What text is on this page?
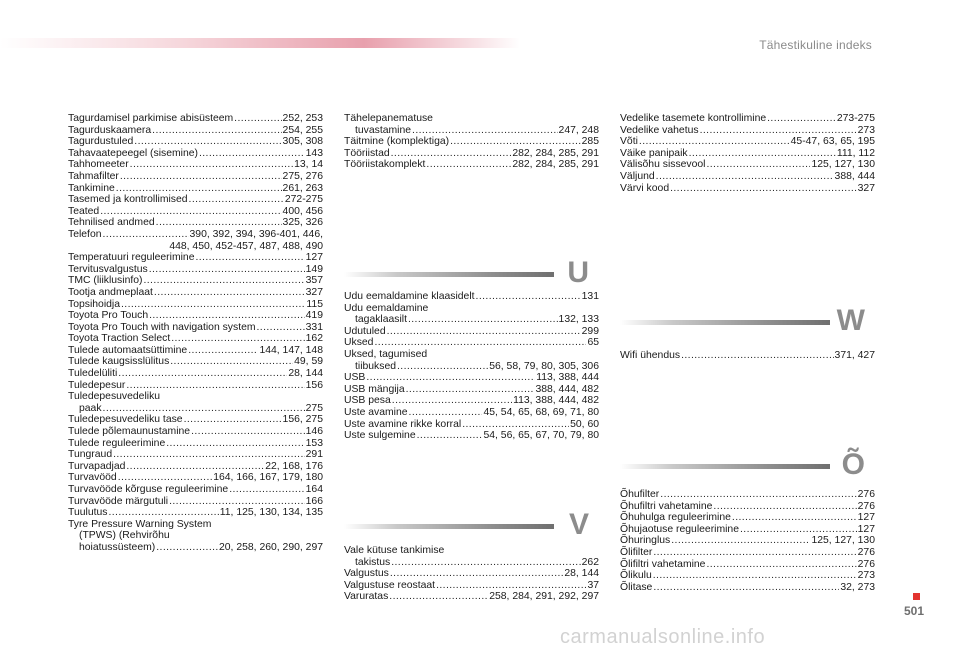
Tähestikuline indeks
Tagurdamisel parkimise abisüsteem .....	252, 253
Tagurduskaamera .....	254, 255
Tagurdustuled .....	305, 308
Tahavaatepeegel (sisemine) .....	143
Tahhomeeter .....	13, 14
Tahmafilter .....	275, 276
Tankimine .....	261, 263
Tasemed ja kontrollimised .....	272-275
Teated .....	400, 456
Tehnilised andmed .....	325, 326
Telefon .....	390, 392, 394, 396-401, 446,
448, 450, 452-457, 487, 488, 490
Temperatuuri reguleerimine .....	127
Tervitusvalgustus .....	149
TMC (liiklusinfo) .....	357
Tootja andmeplaat .....	327
Topsihoidja .....	115
Toyota Pro Touch .....	419
Toyota Pro Touch with navigation system .....	331
Toyota Traction Select .....	162
Tulede automaatsüttimine .....	144, 147, 148
Tulede kaugsisslülitus .....	49, 59
Tuledelüliti .....	28, 144
Tuledepesur .....	156
Tuledepesuvedeliku
paak .....	275
Tuledepesuvedeliku tase .....	156, 275
Tulede põlemaunustamine .....	146
Tulede reguleerimine .....	153
Tungraud .....	291
Turvapadjad .....	22, 168, 176
Turvavööd .....	164, 166, 167, 179, 180
Turvavööde kõrguse reguleerimine .....	164
Turvavööde märgutuli .....	166
Tuulutus .....	11, 125, 130, 134, 135
Tyre Pressure Warning System
(TPWS) (Rehvirõhu
hoiatussüsteem) .....	20, 258, 260, 290, 297
Tähelepanematuse
tuvastamine .....	247, 248
Täitmine (komplektiga) .....	285
Tööriistad .....	282, 284, 285, 291
Tööriistakomplekt .....	282, 284, 285, 291
U
Udu eemaldamine klaasidelt .....	131
Udu eemaldamine
tagaklaasilt .....	132, 133
Udutuled .....	299
Uksed .....	65
Uksed, tagumised
tiibuksed .....	56, 58, 79, 80, 305, 306
USB .....	113, 388, 444
USB mängija .....	388, 444, 482
USB pesa .....	113, 388, 444, 482
Uste avamine .....	45, 54, 65, 68, 69, 71, 80
Uste avamine rikke korral .....	50, 60
Uste sulgemine .....	54, 56, 65, 67, 70, 79, 80
V
Vale kütuse tankimise
takistus .....	262
Valgustus .....	28, 144
Valgustuse reostaat .....	37
Varuratas .....	258, 284, 291, 292, 297
Vedelike tasemete kontrollimine .....	273-275
Vedelike vahetus .....	273
Võti .....	45-47, 63, 65, 195
Väike panipaik .....	111, 112
Välisõhu sissevool .....	125, 127, 130
Väljund .....	388, 444
Värvi kood .....	327
W
Wifi ühendus .....	371, 427
Õ
Õhufilter .....	276
Õhufiltri vahetamine .....	276
Õhuhulga reguleerimine .....	127
Õhujaotuse reguleerimine .....	127
Õhuringlus .....	125, 127, 130
Õlifilter .....	276
Õlifiltri vahetamine .....	276
Õlikulu .....	273
Õlitase .....	32, 273
501
carmanualsonline.info
